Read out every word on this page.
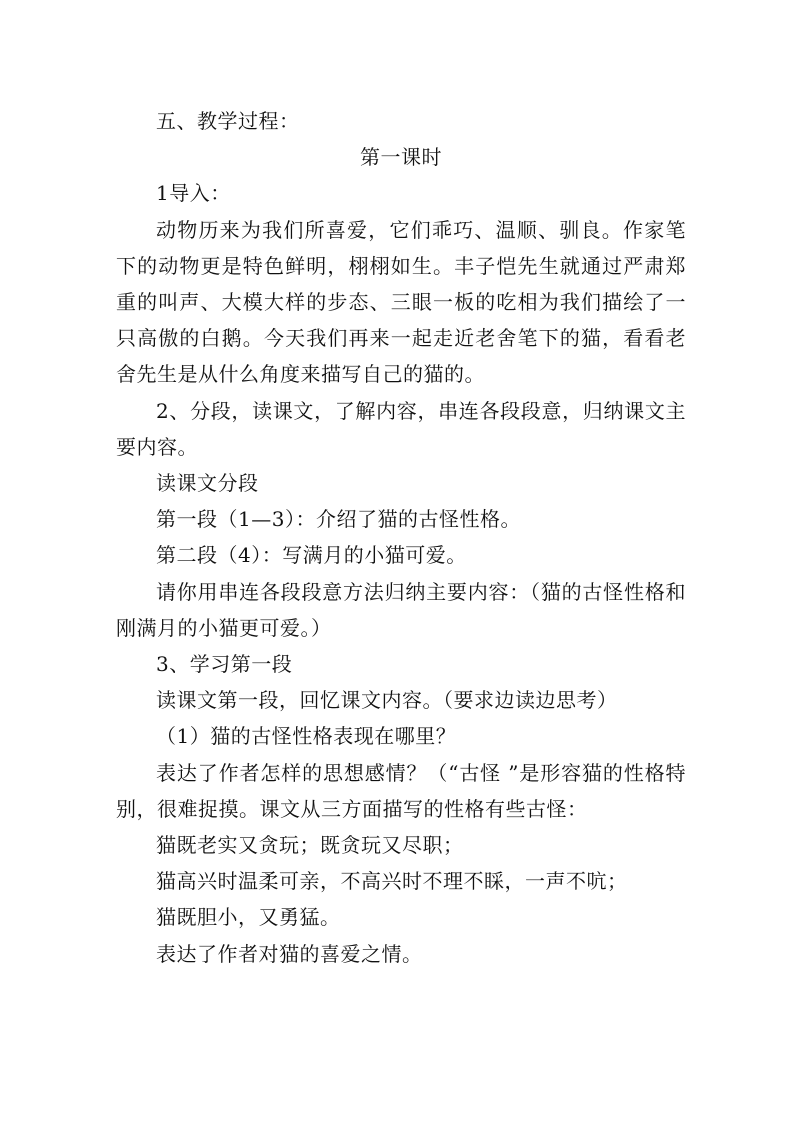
五、教学过程：

第一课时

1导入：

动物历来为我们所喜爱，它们乖巧、温顺、驯良。作家笔下的动物更是特色鲜明，栩栩如生。丰子恺先生就通过严肃郑重的叫声、大模大样的步态、三眼一板的吃相为我们描绘了一只高傲的白鹅。今天我们再来一起走近老舍笔下的猫，看看老舍先生是从什么角度来描写自己的猫的。

2、分段，读课文，了解内容，串连各段段意，归纳课文主要内容。

读课文分段

第一段（1—3）：介绍了猫的古怪性格。

第二段（4）：写满月的小猫可爱。

请你用串连各段段意方法归纳主要内容：（猫的古怪性格和刚满月的小猫更可爱。）

3、学习第一段

读课文第一段，回忆课文内容。（要求边读边思考）

（1）猫的古怪性格表现在哪里？

表达了作者怎样的思想感情？（“古怪 ”是形容猫的性格特别，很难捉摸。课文从三方面描写的性格有些古怪：

猫既老实又贪玩；既贪玩又尽职；

猫高兴时温柔可亲，不高兴时不理不睬，一声不吭；

猫既胆小，又勇猛。

表达了作者对猫的喜爱之情。
